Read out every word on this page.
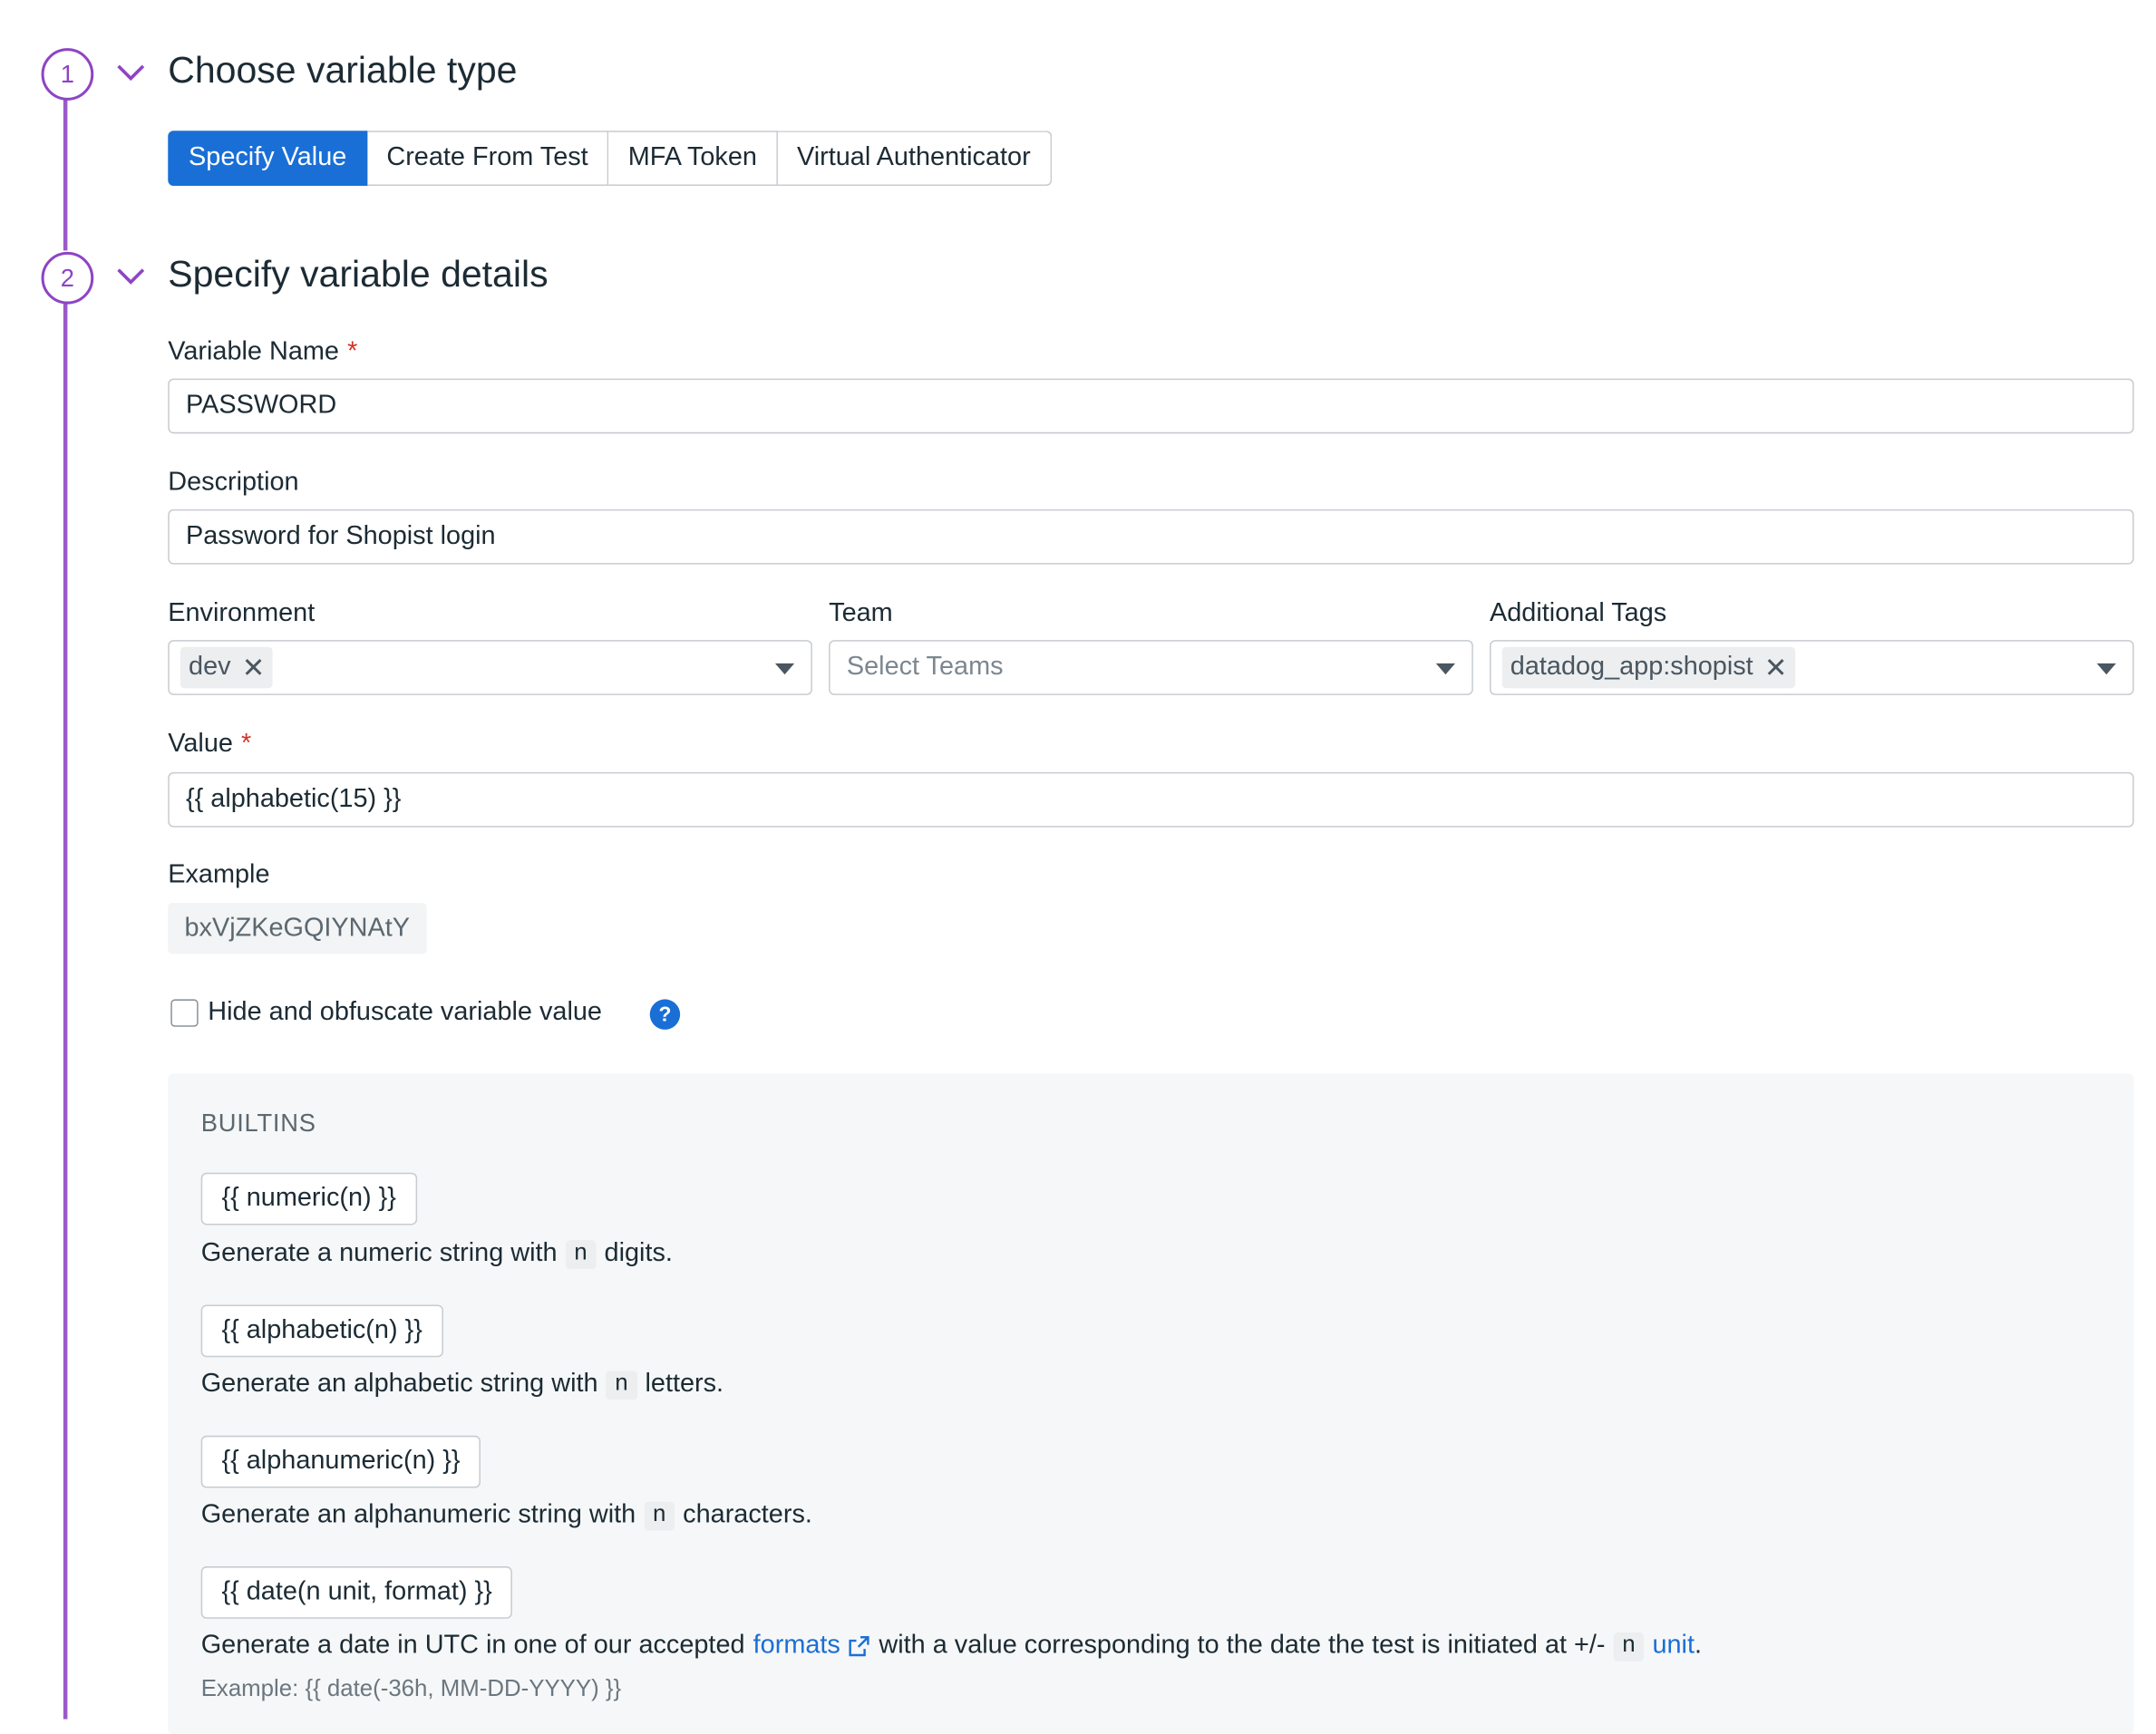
1	Choose variable type
Specify Value	Create From Test	MFA Token	Virtual Authenticator
2	Specify variable details
Variable Name *
PASSWORD
Description
Password for Shopist login
Environment
dev ✕
Team
Select Teams
Additional Tags
datadog_app:shopist ✕
Value *
{{ alphabetic(15) }}
Example
bxVjZKeGQIYNAtY
Hide and obfuscate variable value	?
BUILTINS
{{ numeric(n) }}
Generate a numeric string with	n digits.
{{ alphabetic(n) }}
Generate an alphabetic string with	n letters.
{{ alphanumeric(n) }}
Generate an alphanumeric string with	n characters.
{{ date(n unit, format) }}
Generate a date in UTC in one of our accepted formats with a value corresponding to the date the test is initiated at +/-	n unit .
Example: {{ date(-36h, MM-DD-YYYY) }}
